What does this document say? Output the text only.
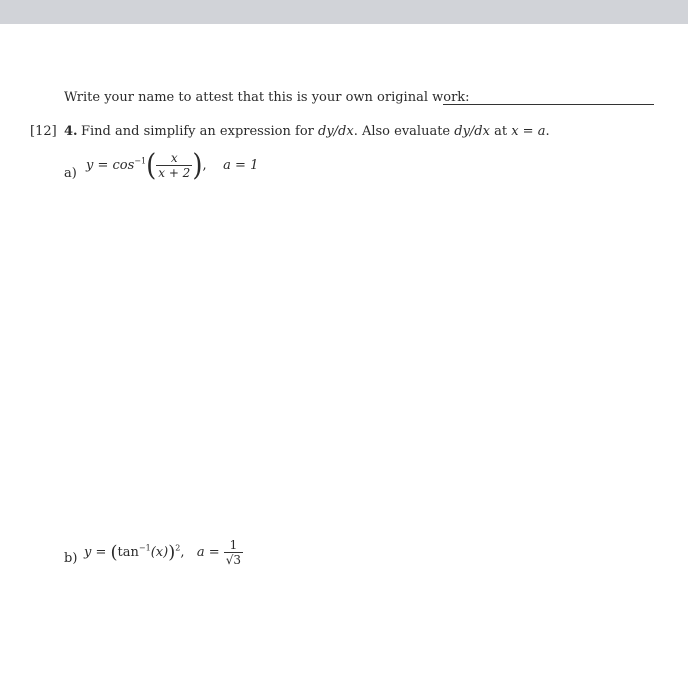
Write your name to attest that this is your own original work:
[12] 4. Find and simplify an expression for dy/dx. Also evaluate dy/dx at x = a.
a)
$y = \cos^{-1}( \frac{x}{x + 2}$ ), a = 1
b) $y = (\tan^{-1}(x))^2$, $a = \frac{1}{√3}$
